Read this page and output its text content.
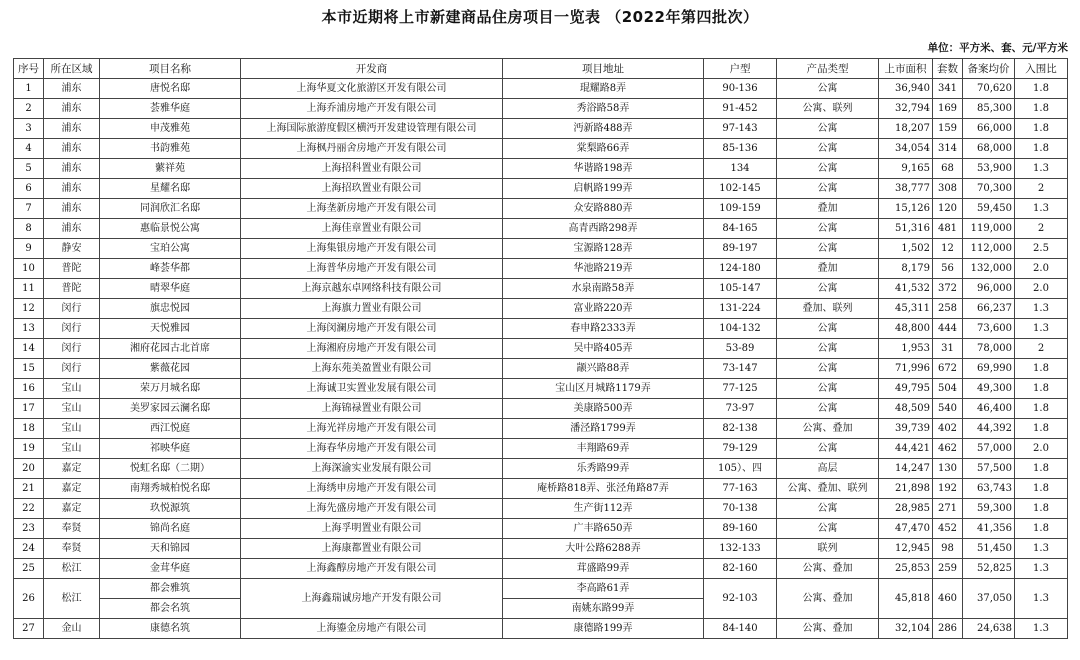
本市近期将上市新建商品住房项目一览表 （2022年第四批次）
单位：平方米、套、元/平方米
序号	所在区域	项目名称	开发商	项目地址	户型	产品类型	上市面积	套数	备案均价	入围比
1	浦东	唐悦名邸	上海华夏文化旅游区开发有限公司	琨耀路8弄	90-136	公寓	36,940	341	70,620	1.8
2	浦东	荟雅华庭	上海乔浦房地产开发有限公司	秀浴路58弄	91-452	公寓、联列	32,794	169	85,300	1.8
3	浦东	申茂雅苑	上海国际旅游度假区横沔开发建设管理有限公司	沔新路488弄	97-143	公寓	18,207	159	66,000	1.8
4	浦东	书韵雅苑	上海枫丹丽舍房地产开发有限公司	棠梨路66弄	85-136	公寓	34,054	314	68,000	1.8
5	浦东	蘩祥苑	上海招科置业有限公司	华谐路198弄	134	公寓	9,165	68	53,900	1.3
6	浦东	星耀名邸	上海招玖置业有限公司	启帆路199弄	102-145	公寓	38,777	308	70,300	2
7	浦东	同润欣汇名邸	上海垄新房地产开发有限公司	众安路880弄	109-159	叠加	15,126	120	59,450	1.3
8	浦东	惠临景悦公寓	上海佳章置业有限公司	高青西路298弄	84-165	公寓	51,316	481	119,000	2
9	静安	宝珀公寓	上海集银房地产开发有限公司	宝源路128弄	89-197	公寓	1,502	12	112,000	2.5
10	普陀	峰荟华都	上海普华房地产开发有限公司	华池路219弄	124-180	叠加	8,179	56	132,000	2.0
11	普陀	晴翠华庭	上海京越东卓网络科技有限公司	水泉南路58弄	105-147	公寓	41,532	372	96,000	2.0
12	闵行	旗忠悦园	上海旗力置业有限公司	富业路220弄	131-224	叠加、联列	45,311	258	66,237	1.3
13	闵行	天悦雅园	上海闵澜房地产开发有限公司	春申路2333弄	104-132	公寓	48,800	444	73,600	1.3
14	闵行	湘府花园古北首席	上海湘府房地产开发有限公司	吴中路405弄	53-89	公寓	1,953	31	78,000	2
15	闵行	紫薇花园	上海东苑美盈置业有限公司	颛兴路88弄	73-147	公寓	71,996	672	69,990	1.8
16	宝山	荣万月城名邸	上海诚卫实置业发展有限公司	宝山区月城路1179弄	77-125	公寓	49,795	504	49,300	1.8
17	宝山	美罗家园云澜名邸	上海锦禄置业有限公司	美康路500弄	73-97	公寓	48,509	540	46,400	1.8
18	宝山	西江悦庭	上海光祥房地产开发有限公司	潘泾路1799弄	82-138	公寓、叠加	39,739	402	44,392	1.8
19	宝山	祁映华庭	上海春华房地产开发有限公司	丰翔路69弄	79-129	公寓	44,421	462	57,000	2.0
20	嘉定	悦虹名邸（二期）	上海深渝实业发展有限公司	乐秀路99弄	105）、四	高层	14,247	130	57,500	1.8
21	嘉定	南翔秀城柏悦名邸	上海绣申房地产开发有限公司	庵桥路818弄、张泾角路87弄	77-163	公寓、叠加、联列	21,898	192	63,743	1.8
22	嘉定	玖悦源筑	上海先盛房地产开发有限公司	生产街112弄	70-138	公寓	28,985	271	59,300	1.8
23	奉贤	锦尚名庭	上海孚明置业有限公司	广丰路650弄	89-160	公寓	47,470	452	41,356	1.8
24	奉贤	天和锦园	上海康都置业有限公司	大叶公路6288弄	132-133	联列	12,945	98	51,450	1.3
25	松江	金茸华庭	上海鑫醇房地产开发有限公司	茸盛路99弄	82-160	公寓、叠加	25,853	259	52,825	1.3
26	松江	都会雅筑	上海鑫瑞诚房地产开发有限公司	李高路61弄	92-103	公寓、叠加	45,818	460	37,050	1.3
		都会名筑		南姚东路99弄						
27	金山	康德名筑	上海鎏金房地产有限公司	康德路199弄	84-140	公寓、叠加	32,104	286	24,638	1.3
